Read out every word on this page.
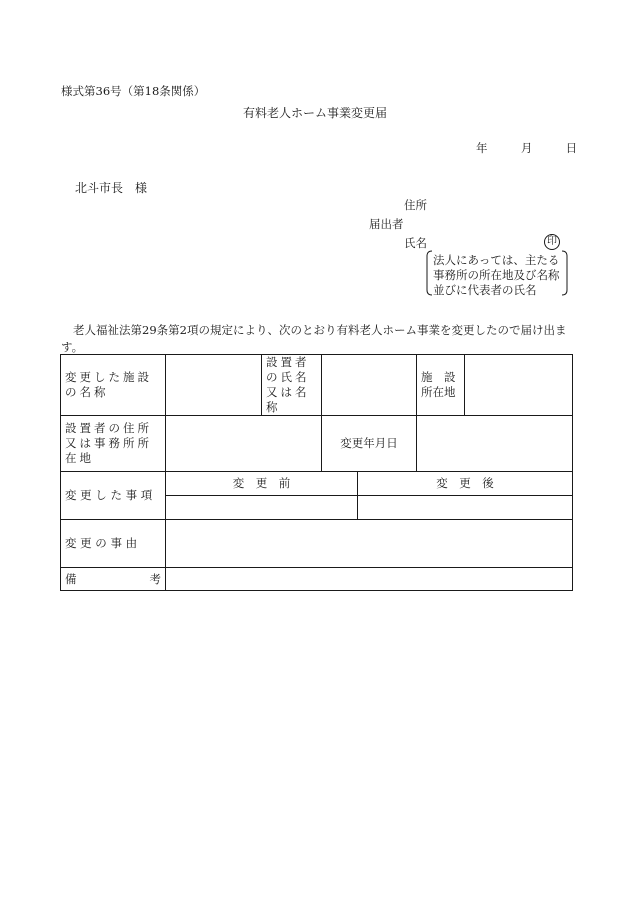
様式第36号（第18条関係）
有料老人ホーム事業変更届
年	月	日
北斗市長　様
住所
届出者
氏名	印
法人にあっては、主たる
事務所の所在地及び名称
並びに代表者の氏名
老人福祉法第29条第2項の規定により、次のとおり有料老人ホーム事業を変更したので届け出ます。
変更した施設の名称		設置者の氏名又は名称			施　設所在地	
設置者の住所又は事務所所在地			変更年月日			
変 更 し た 事 項	変　更　前			変　更　後		

変 更 の 事 由						

備 考						
